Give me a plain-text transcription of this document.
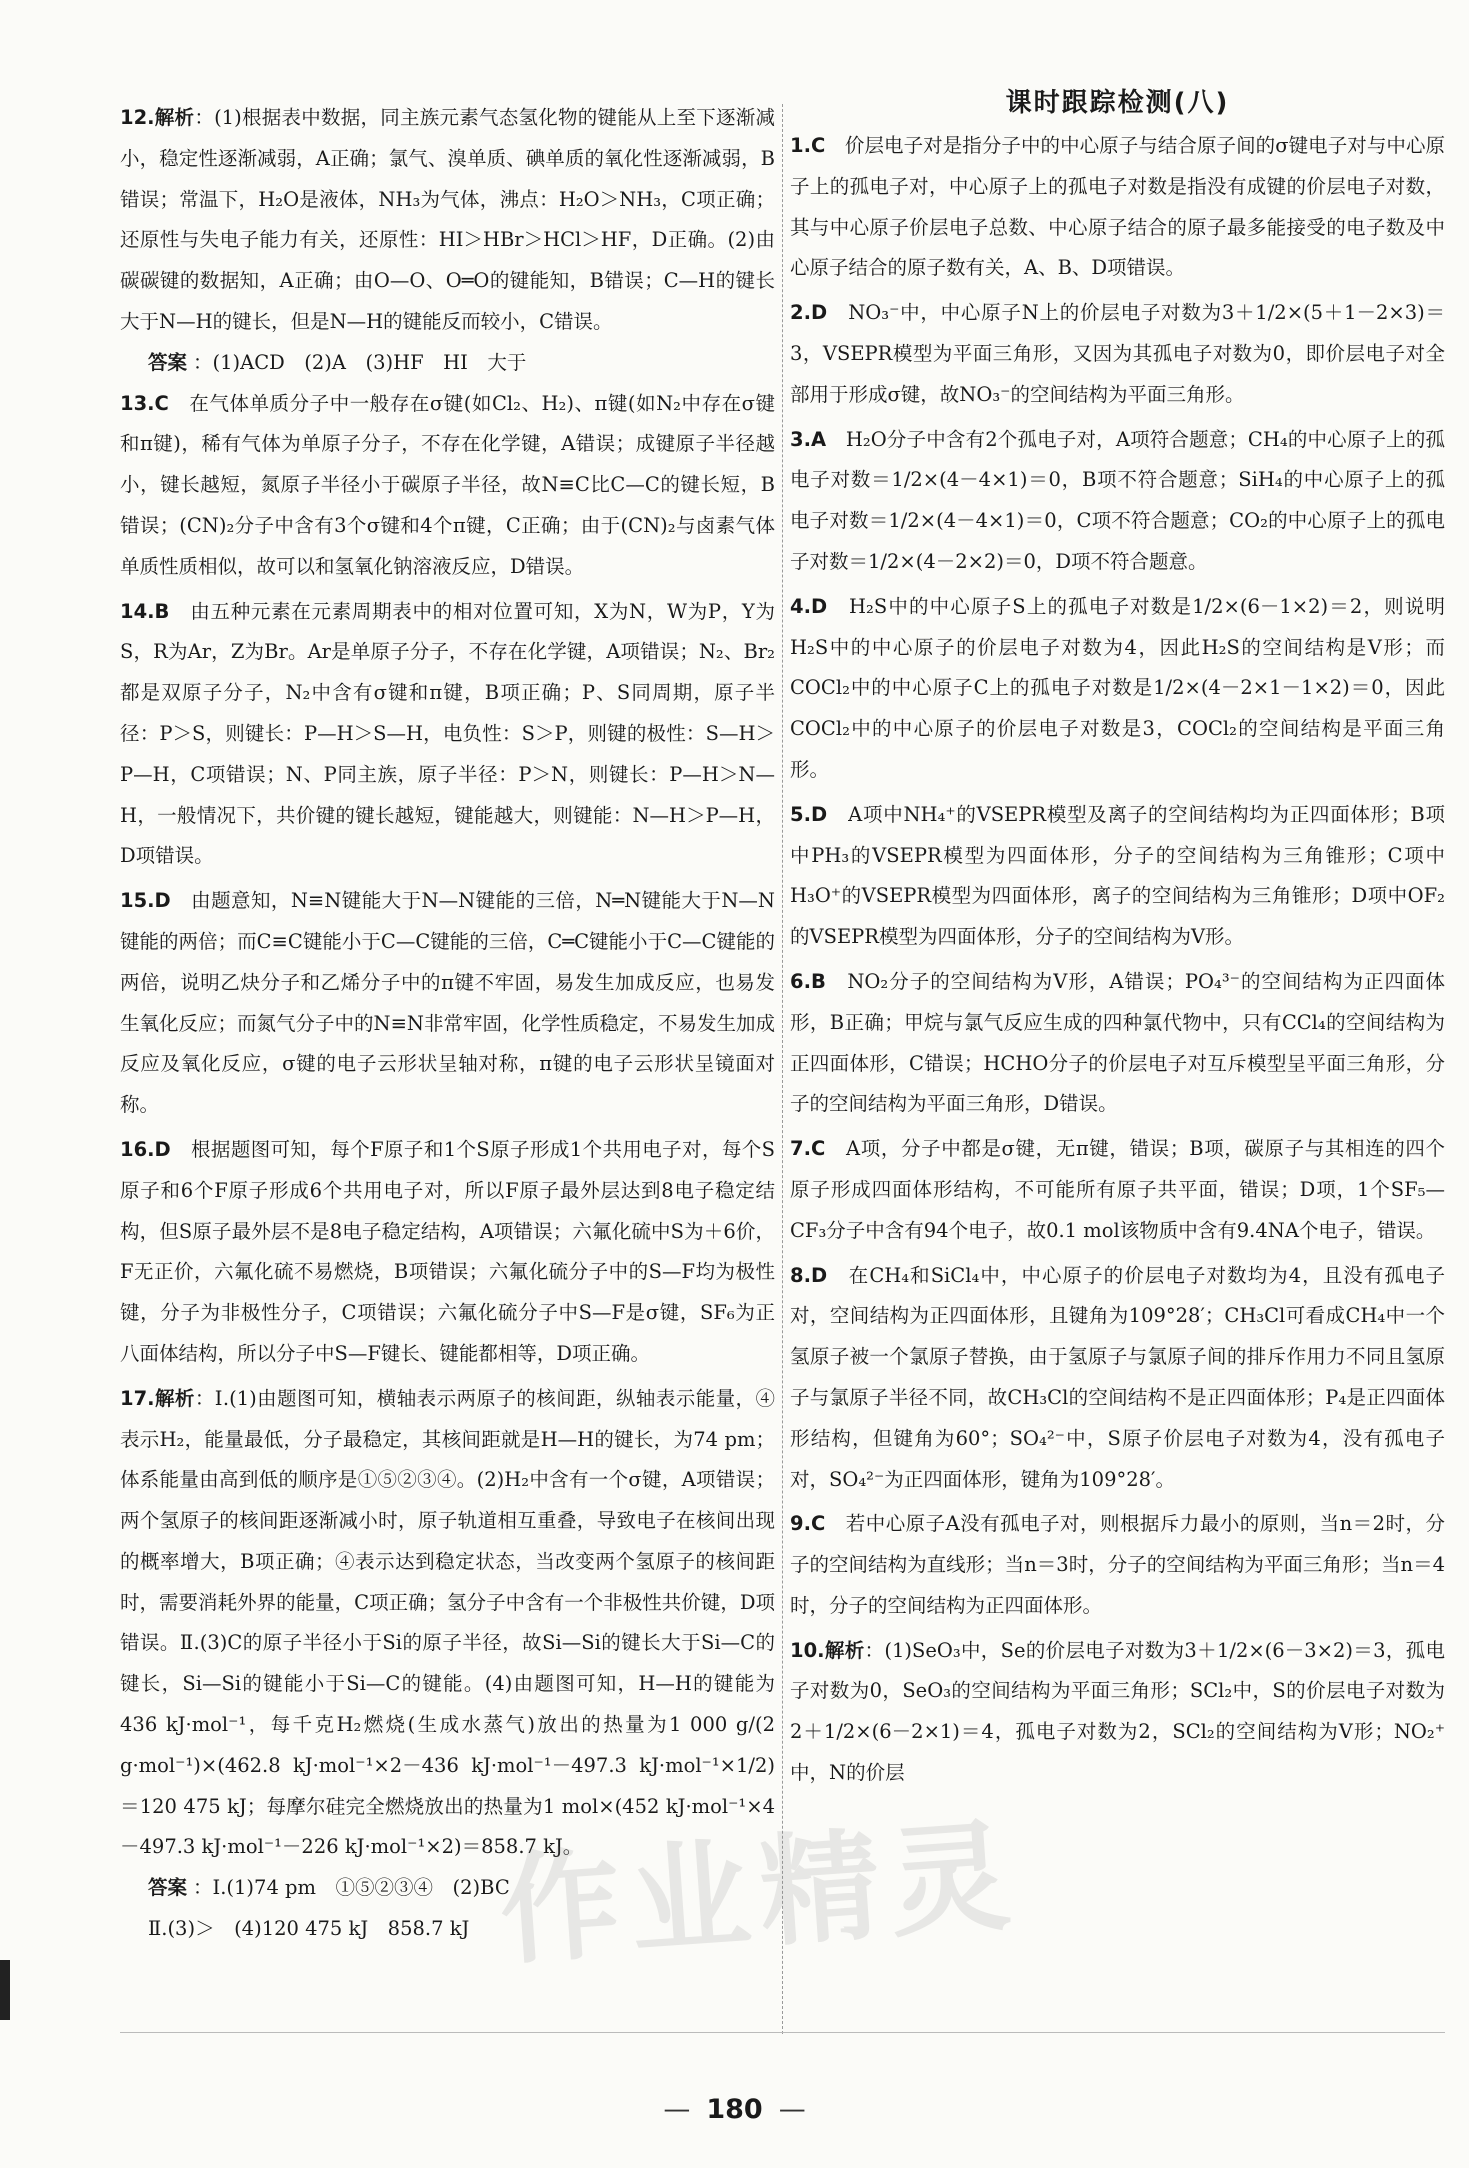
12.解析：(1)根据表中数据，同主族元素气态氢化物的键能从上至下逐渐减小，稳定性逐渐减弱，A正确；氯气、溴单质、碘单质的氧化性逐渐减弱，B错误；常温下，H₂O是液体，NH₃为气体，沸点：H₂O＞NH₃，C项正确；还原性与失电子能力有关，还原性：HI＞HBr＞HCl＞HF，D正确。(2)由碳碳键的数据知，A正确；由O—O、O═O的键能知，B错误；C—H的键长大于N—H的键长，但是N—H的键能反而较小，C错误。
答案 ：(1)ACD　(2)A　(3)HF　HI　大于
13.C　在气体单质分子中一般存在σ键(如Cl₂、H₂)、π键(如N₂中存在σ键和π键)，稀有气体为单原子分子，不存在化学键，A错误；成键原子半径越小，键长越短，氮原子半径小于碳原子半径，故N≡C比C—C的键长短，B错误；(CN)₂分子中含有3个σ键和4个π键，C正确；由于(CN)₂与卤素气体单质性质相似，故可以和氢氧化钠溶液反应，D错误。
14.B　由五种元素在元素周期表中的相对位置可知，X为N，W为P，Y为S，R为Ar，Z为Br。Ar是单原子分子，不存在化学键，A项错误；N₂、Br₂都是双原子分子，N₂中含有σ键和π键，B项正确；P、S同周期，原子半径：P＞S，则键长：P—H＞S—H，电负性：S＞P，则键的极性：S—H＞P—H，C项错误；N、P同主族，原子半径：P＞N，则键长：P—H＞N—H，一般情况下，共价键的键长越短，键能越大，则键能：N—H＞P—H，D项错误。
15.D　由题意知，N≡N键能大于N—N键能的三倍，N═N键能大于N—N键能的两倍；而C≡C键能小于C—C键能的三倍，C═C键能小于C—C键能的两倍，说明乙炔分子和乙烯分子中的π键不牢固，易发生加成反应，也易发生氧化反应；而氮气分子中的N≡N非常牢固，化学性质稳定，不易发生加成反应及氧化反应，σ键的电子云形状呈轴对称，π键的电子云形状呈镜面对称。
16.D　根据题图可知，每个F原子和1个S原子形成1个共用电子对，每个S原子和6个F原子形成6个共用电子对，所以F原子最外层达到8电子稳定结构，但S原子最外层不是8电子稳定结构，A项错误；六氟化硫中S为＋6价，F无正价，六氟化硫不易燃烧，B项错误；六氟化硫分子中的S—F均为极性键，分子为非极性分子，C项错误；六氟化硫分子中S—F是σ键，SF₆为正八面体结构，所以分子中S—F键长、键能都相等，D项正确。
17.解析：Ⅰ.(1)由题图可知，横轴表示两原子的核间距，纵轴表示能量，④表示H₂，能量最低，分子最稳定，其核间距就是H—H的键长，为74 pm；体系能量由高到低的顺序是①⑤②③④。(2)H₂中含有一个σ键，A项错误；两个氢原子的核间距逐渐减小时，原子轨道相互重叠，导致电子在核间出现的概率增大，B项正确；④表示达到稳定状态，当改变两个氢原子的核间距时，需要消耗外界的能量，C项正确；氢分子中含有一个非极性共价键，D项错误。Ⅱ.(3)C的原子半径小于Si的原子半径，故Si—Si的键长大于Si—C的键长，Si—Si的键能小于Si—C的键能。(4)由题图可知，H—H的键能为436 kJ·mol⁻¹，每千克H₂燃烧(生成水蒸气)放出的热量为1 000 g/(2 g·mol⁻¹)×(462.8 kJ·mol⁻¹×2－436 kJ·mol⁻¹－497.3 kJ·mol⁻¹×1/2)＝120 475 kJ；每摩尔硅完全燃烧放出的热量为1 mol×(452 kJ·mol⁻¹×4－497.3 kJ·mol⁻¹－226 kJ·mol⁻¹×2)＝858.7 kJ。
答案 ：Ⅰ.(1)74 pm　①⑤②③④　(2)BC
Ⅱ.(3)＞　(4)120 475 kJ　858.7 kJ
课时跟踪检测(八)
1.C　价层电子对是指分子中的中心原子与结合原子间的σ键电子对与中心原子上的孤电子对，中心原子上的孤电子对数是指没有成键的价层电子对数，其与中心原子价层电子总数、中心原子结合的原子最多能接受的电子数及中心原子结合的原子数有关，A、B、D项错误。
2.D　NO₃⁻中，中心原子N上的价层电子对数为3＋1/2×(5＋1－2×3)＝3，VSEPR模型为平面三角形，又因为其孤电子对数为0，即价层电子对全部用于形成σ键，故NO₃⁻的空间结构为平面三角形。
3.A　H₂O分子中含有2个孤电子对，A项符合题意；CH₄的中心原子上的孤电子对数＝1/2×(4－4×1)＝0，B项不符合题意；SiH₄的中心原子上的孤电子对数＝1/2×(4－4×1)＝0，C项不符合题意；CO₂的中心原子上的孤电子对数＝1/2×(4－2×2)＝0，D项不符合题意。
4.D　H₂S中的中心原子S上的孤电子对数是1/2×(6－1×2)＝2，则说明H₂S中的中心原子的价层电子对数为4，因此H₂S的空间结构是V形；而COCl₂中的中心原子C上的孤电子对数是1/2×(4－2×1－1×2)＝0，因此COCl₂中的中心原子的价层电子对数是3，COCl₂的空间结构是平面三角形。
5.D　A项中NH₄⁺的VSEPR模型及离子的空间结构均为正四面体形；B项中PH₃的VSEPR模型为四面体形，分子的空间结构为三角锥形；C项中H₃O⁺的VSEPR模型为四面体形，离子的空间结构为三角锥形；D项中OF₂的VSEPR模型为四面体形，分子的空间结构为V形。
6.B　NO₂分子的空间结构为V形，A错误；PO₄³⁻的空间结构为正四面体形，B正确；甲烷与氯气反应生成的四种氯代物中，只有CCl₄的空间结构为正四面体形，C错误；HCHO分子的价层电子对互斥模型呈平面三角形，分子的空间结构为平面三角形，D错误。
7.C　A项，分子中都是σ键，无π键，错误；B项，碳原子与其相连的四个原子形成四面体形结构，不可能所有原子共平面，错误；D项，1个SF₅—CF₃分子中含有94个电子，故0.1 mol该物质中含有9.4NA个电子，错误。
8.D　在CH₄和SiCl₄中，中心原子的价层电子对数均为4，且没有孤电子对，空间结构为正四面体形，且键角为109°28′；CH₃Cl可看成CH₄中一个氢原子被一个氯原子替换，由于氢原子与氯原子间的排斥作用力不同且氢原子与氯原子半径不同，故CH₃Cl的空间结构不是正四面体形；P₄是正四面体形结构，但键角为60°；SO₄²⁻中，S原子价层电子对数为4，没有孤电子对，SO₄²⁻为正四面体形，键角为109°28′。
9.C　若中心原子A没有孤电子对，则根据斥力最小的原则，当n＝2时，分子的空间结构为直线形；当n＝3时，分子的空间结构为平面三角形；当n＝4时，分子的空间结构为正四面体形。
10.解析：(1)SeO₃中，Se的价层电子对数为3＋1/2×(6－3×2)＝3，孤电子对数为0，SeO₃的空间结构为平面三角形；SCl₂中，S的价层电子对数为2＋1/2×(6－2×1)＝4，孤电子对数为2，SCl₂的空间结构为V形；NO₂⁺中，N的价层
作业精灵
— 180 —
